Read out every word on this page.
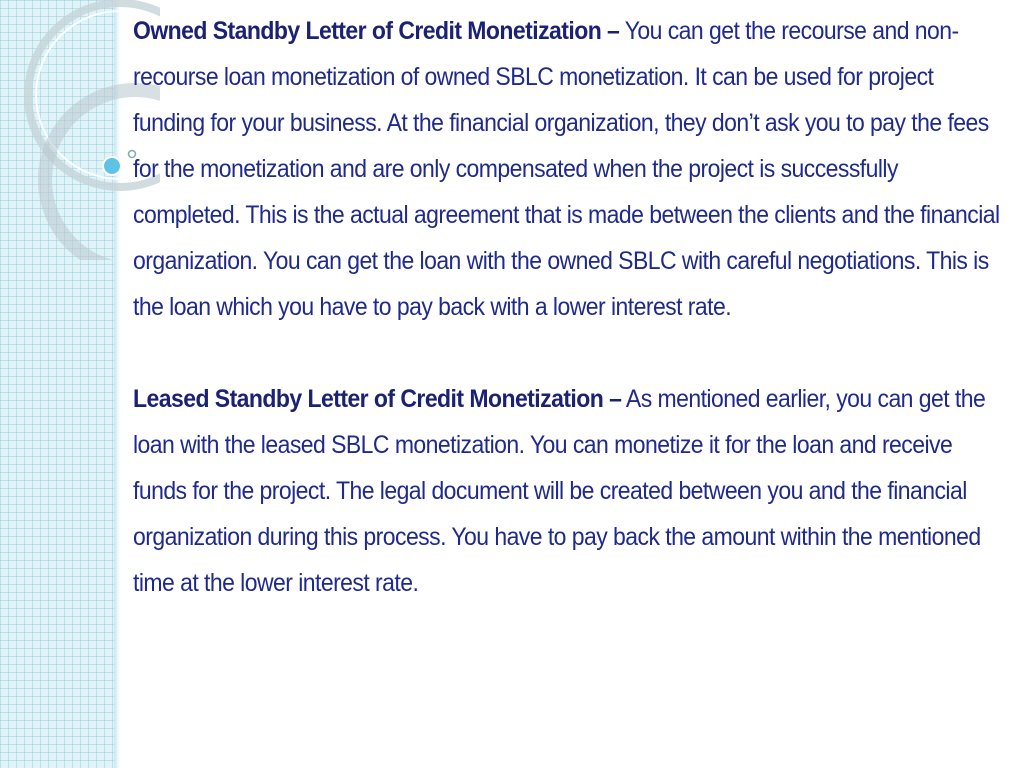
Owned Standby Letter of Credit Monetization – You can get the recourse and non-recourse loan monetization of owned SBLC monetization. It can be used for project funding for your business. At the financial organization, they don’t ask you to pay the fees for the monetization and are only compensated when the project is successfully completed. This is the actual agreement that is made between the clients and the financial organization. You can get the loan with the owned SBLC with careful negotiations. This is the loan which you have to pay back with a lower interest rate.

Leased Standby Letter of Credit Monetization – As mentioned earlier, you can get the loan with the leased SBLC monetization. You can monetize it for the loan and receive funds for the project. The legal document will be created between you and the financial organization during this process. You have to pay back the amount within the mentioned time at the lower interest rate.
